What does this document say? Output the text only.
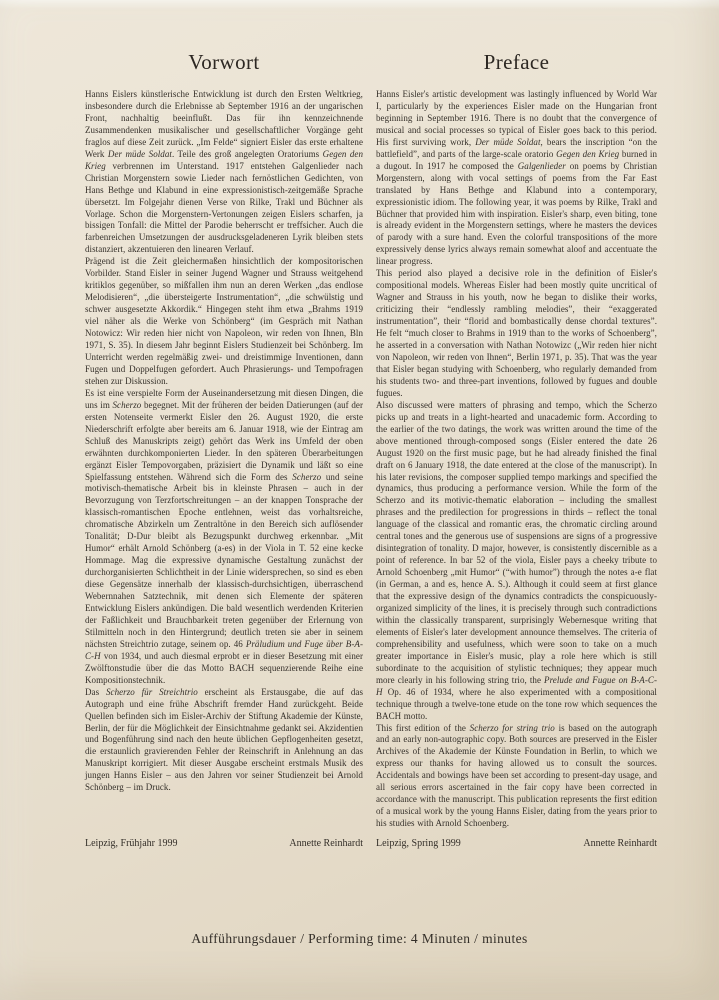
Vorwort

Hanns Eislers künstlerische Entwicklung ist durch den Ersten Weltkrieg, insbesondere durch die Erlebnisse ab September 1916 an der ungarischen Front, nachhaltig beeinflußt. Das für ihn kennzeichnende Zusammendenken musikalischer und gesellschaftlicher Vorgänge geht fraglos auf diese Zeit zurück. „Im Felde“ signiert Eisler das erste erhaltene Werk Der müde Soldat. Teile des groß angelegten Oratoriums Gegen den Krieg verbrennen im Unterstand. 1917 entstehen Galgenlieder nach Christian Morgenstern sowie Lieder nach fernöstlichen Gedichten, von Hans Bethge und Klabund in eine expressionistisch-zeitgemäße Sprache übersetzt. Im Folgejahr dienen Verse von Rilke, Trakl und Büchner als Vorlage. Schon die Morgenstern-Vertonungen zeigen Eislers scharfen, ja bissigen Tonfall: die Mittel der Parodie beherrscht er treffsicher. Auch die farbenreichen Umsetzungen der ausdrucksgeladeneren Lyrik bleiben stets distanziert, akzentuieren den linearen Verlauf.

Prägend ist die Zeit gleichermaßen hinsichtlich der kompositorischen Vorbilder. Stand Eisler in seiner Jugend Wagner und Strauss weitgehend kritiklos gegenüber, so mißfallen ihm nun an deren Werken „das endlose Melodisieren“, „die übersteigerte Instrumentation“, „die schwülstig und schwer ausgesetzte Akkordik.“ Hingegen steht ihm etwa „Brahms 1919 viel näher als die Werke von Schönberg“ (im Gespräch mit Nathan Notowicz: Wir reden hier nicht von Napoleon, wir reden von Ihnen, Bln 1971, S. 35). In diesem Jahr beginnt Eislers Studienzeit bei Schönberg. Im Unterricht werden regelmäßig zwei- und dreistimmige Inventionen, dann Fugen und Doppelfugen gefordert. Auch Phrasierungs- und Tempofragen stehen zur Diskussion.

Es ist eine verspielte Form der Auseinandersetzung mit diesen Dingen, die uns im Scherzo begegnet. Mit der früheren der beiden Datierungen (auf der ersten Notenseite vermerkt Eisler den 26. August 1920, die erste Niederschrift erfolgte aber bereits am 6. Januar 1918, wie der Eintrag am Schluß des Manuskripts zeigt) gehört das Werk ins Umfeld der oben erwähnten durchkomponierten Lieder. In den späteren Überarbeitungen ergänzt Eisler Tempovorgaben, präzisiert die Dynamik und läßt so eine Spielfassung entstehen. Während sich die Form des Scherzo und seine motivisch-thematische Arbeit bis in kleinste Phrasen – auch in der Bevorzugung von Terzfortschreitungen – an der knappen Tonsprache der klassisch-romantischen Epoche entlehnen, weist das vorhaltsreiche, chromatische Abzirkeln um Zentraltöne in den Bereich sich auflösender Tonalität; D-Dur bleibt als Bezugspunkt durchweg erkennbar. „Mit Humor“ erhält Arnold Schönberg (a-es) in der Viola in T. 52 eine kecke Hommage. Mag die expressive dynamische Gestaltung zunächst der durchorganisierten Schlichtheit in der Linie widersprechen, so sind es eben diese Gegensätze innerhalb der klassisch-durchsichtigen, überraschend Webernnahen Satztechnik, mit denen sich Elemente der späteren Entwicklung Eislers ankündigen. Die bald wesentlich werdenden Kriterien der Faßlichkeit und Brauchbarkeit treten gegenüber der Erlernung von Stilmitteln noch in den Hintergrund; deutlich treten sie aber in seinem nächsten Streichtrio zutage, seinem op. 46 Präludium und Fuge über B-A-C-H von 1934, und auch diesmal erprobt er in dieser Besetzung mit einer Zwölftonstudie über die das Motto BACH sequenzierende Reihe eine Kompositionstechnik.

Das Scherzo für Streichtrio erscheint als Erstausgabe, die auf das Autograph und eine frühe Abschrift fremder Hand zurückgeht. Beide Quellen befinden sich im Eisler-Archiv der Stiftung Akademie der Künste, Berlin, der für die Möglichkeit der Einsichtnahme gedankt sei. Akzidentien und Bogenführung sind nach den heute üblichen Gepflogenheiten gesetzt, die erstaunlich gravierenden Fehler der Reinschrift in Anlehnung an das Manuskript korrigiert. Mit dieser Ausgabe erscheint erstmals Musik des jungen Hanns Eisler – aus den Jahren vor seiner Studienzeit bei Arnold Schönberg – im Druck.

Preface

Hanns Eisler's artistic development was lastingly influenced by World War I, particularly by the experiences Eisler made on the Hungarian front beginning in September 1916. There is no doubt that the convergence of musical and social processes so typical of Eisler goes back to this period. His first surviving work, Der müde Soldat, bears the inscription “on the battlefield”, and parts of the large-scale oratorio Gegen den Krieg burned in a dugout. In 1917 he composed the Galgenlieder on poems by Christian Morgenstern, along with vocal settings of poems from the Far East translated by Hans Bethge and Klabund into a contemporary, expressionistic idiom. The following year, it was poems by Rilke, Trakl and Büchner that provided him with inspiration. Eisler's sharp, even biting, tone is already evident in the Morgenstern settings, where he masters the devices of parody with a sure hand. Even the colorful transpositions of the more expressively dense lyrics always remain somewhat aloof and accentuate the linear progress.

This period also played a decisive role in the definition of Eisler's compositional models. Whereas Eisler had been mostly quite uncritical of Wagner and Strauss in his youth, now he began to dislike their works, criticizing their “endlessly rambling melodies”, their “exaggerated instrumentation”, their “florid and bombastically dense chordal textures”. He felt “much closer to Brahms in 1919 than to the works of Schoenberg”, he asserted in a conversation with Nathan Notowizc („Wir reden hier nicht von Napoleon, wir reden von Ihnen“, Berlin 1971, p. 35). That was the year that Eisler began studying with Schoenberg, who regularly demanded from his students two- and three-part inventions, followed by fugues and double fugues.

Also discussed were matters of phrasing and tempo, which the Scherzo picks up and treats in a light-hearted and unacademic form. According to the earlier of the two datings, the work was written around the time of the above mentioned through-composed songs (Eisler entered the date 26 August 1920 on the first music page, but he had already finished the final draft on 6 January 1918, the date entered at the close of the manuscript). In his later revisions, the composer supplied tempo markings and specified the dynamics, thus producing a performance version. While the form of the Scherzo and its motivic-thematic elaboration – including the smallest phrases and the predilection for progressions in thirds – reflect the tonal language of the classical and romantic eras, the chromatic circling around central tones and the generous use of suspensions are signs of a progressive disintegration of tonality. D major, however, is consistently discernible as a point of reference. In bar 52 of the viola, Eisler pays a cheeky tribute to Arnold Schoenberg „mit Humor“ (“with humor”) through the notes a-e flat (in German, a and es, hence A. S.). Although it could seem at first glance that the expressive design of the dynamics contradicts the conspicuously-organized simplicity of the lines, it is precisely through such contradictions within the classically transparent, surprisingly Webernesque writing that elements of Eisler's later development announce themselves. The criteria of comprehensibility and usefulness, which were soon to take on a much greater importance in Eisler's music, play a role here which is still subordinate to the acquisition of stylistic techniques; they appear much more clearly in his following string trio, the Prelude and Fugue on B-A-C-H Op. 46 of 1934, where he also experimented with a compositional technique through a twelve-tone etude on the tone row which sequences the BACH motto.

This first edition of the Scherzo for string trio is based on the autograph and an early non-autographic copy. Both sources are preserved in the Eisler Archives of the Akademie der Künste Foundation in Berlin, to which we express our thanks for having allowed us to consult the sources. Accidentals and bowings have been set according to present-day usage, and all serious errors ascertained in the fair copy have been corrected in accordance with the manuscript. This publication represents the first edition of a musical work by the young Hanns Eisler, dating from the years prior to his studies with Arnold Schoenberg.

Leipzig, Frühjahr 1999	Annette Reinhardt Leipzig, Spring 1999	Annette Reinhardt
Aufführungsdauer / Performing time: 4 Minuten / minutes
